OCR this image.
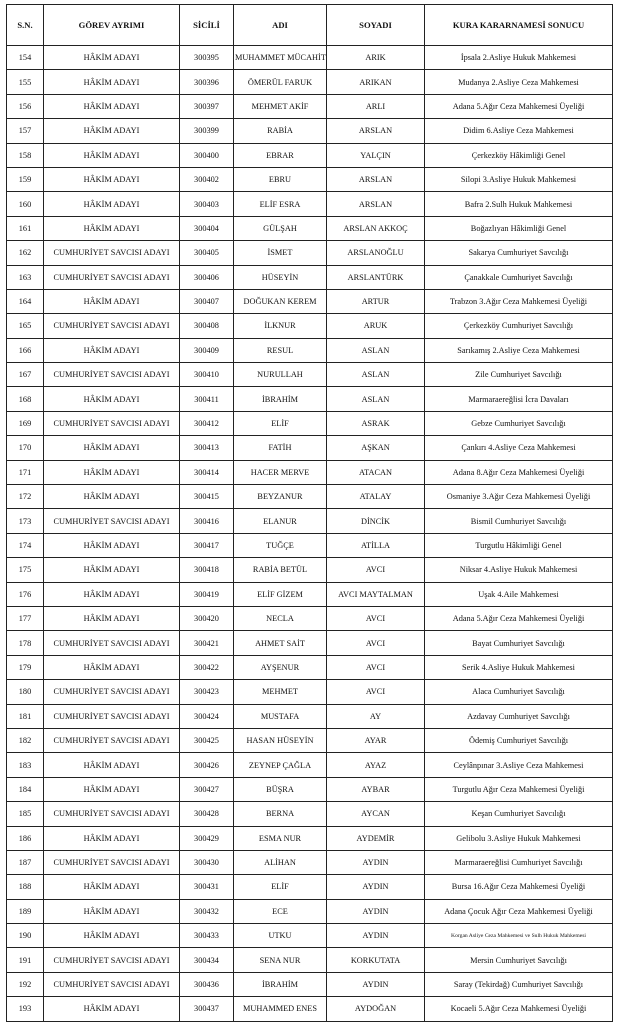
S.N.	GÖREV AYRIMI	SİCİLİ	ADI	SOYADI	KURA KARARNAMESİ SONUCU
154	HÂKİM ADAYI	300395	MUHAMMET MÜCAHİT	ARIK	İpsala 2.Asliye Hukuk Mahkemesi
155	HÂKİM ADAYI	300396	ÖMERÜL FARUK	ARIKAN	Mudanya 2.Asliye Ceza Mahkemesi
156	HÂKİM ADAYI	300397	MEHMET AKİF	ARLI	Adana 5.Ağır Ceza Mahkemesi Üyeliği
157	HÂKİM ADAYI	300399	RABİA	ARSLAN	Didim 6.Asliye Ceza Mahkemesi
158	HÂKİM ADAYI	300400	EBRAR	YALÇIN	Çerkezköy Hâkimliği Genel
159	HÂKİM ADAYI	300402	EBRU	ARSLAN	Silopi 3.Asliye Hukuk Mahkemesi
160	HÂKİM ADAYI	300403	ELİF ESRA	ARSLAN	Bafra 2.Sulh Hukuk Mahkemesi
161	HÂKİM ADAYI	300404	GÜLŞAH	ARSLAN AKKOÇ	Boğazlıyan Hâkimliği Genel
162	CUMHURİYET SAVCISI ADAYI	300405	İSMET	ARSLANOĞLU	Sakarya Cumhuriyet Savcılığı
163	CUMHURİYET SAVCISI ADAYI	300406	HÜSEYİN	ARSLANTÜRK	Çanakkale Cumhuriyet Savcılığı
164	HÂKİM ADAYI	300407	DOĞUKAN KEREM	ARTUR	Trabzon 3.Ağır Ceza Mahkemesi Üyeliği
165	CUMHURİYET SAVCISI ADAYI	300408	İLKNUR	ARUK	Çerkezköy Cumhuriyet Savcılığı
166	HÂKİM ADAYI	300409	RESUL	ASLAN	Sarıkamış 2.Asliye Ceza Mahkemesi
167	CUMHURİYET SAVCISI ADAYI	300410	NURULLAH	ASLAN	Zile Cumhuriyet Savcılığı
168	HÂKİM ADAYI	300411	İBRAHİM	ASLAN	Marmaraereğlisi İcra Davaları
169	CUMHURİYET SAVCISI ADAYI	300412	ELİF	ASRAK	Gebze Cumhuriyet Savcılığı
170	HÂKİM ADAYI	300413	FATİH	AŞKAN	Çankırı 4.Asliye Ceza Mahkemesi
171	HÂKİM ADAYI	300414	HACER MERVE	ATACAN	Adana 8.Ağır Ceza Mahkemesi Üyeliği
172	HÂKİM ADAYI	300415	BEYZANUR	ATALAY	Osmaniye 3.Ağır Ceza Mahkemesi Üyeliği
173	CUMHURİYET SAVCISI ADAYI	300416	ELANUR	DİNCİK	Bismil Cumhuriyet Savcılığı
174	HÂKİM ADAYI	300417	TUĞÇE	ATİLLA	Turgutlu Hâkimliği Genel
175	HÂKİM ADAYI	300418	RABİA BETÜL	AVCI	Niksar 4.Asliye Hukuk Mahkemesi
176	HÂKİM ADAYI	300419	ELİF GİZEM	AVCI MAYTALMAN	Uşak 4.Aile Mahkemesi
177	HÂKİM ADAYI	300420	NECLA	AVCI	Adana 5.Ağır Ceza Mahkemesi Üyeliği
178	CUMHURİYET SAVCISI ADAYI	300421	AHMET SAİT	AVCI	Bayat Cumhuriyet Savcılığı
179	HÂKİM ADAYI	300422	AYŞENUR	AVCI	Serik 4.Asliye Hukuk Mahkemesi
180	CUMHURİYET SAVCISI ADAYI	300423	MEHMET	AVCI	Alaca Cumhuriyet Savcılığı
181	CUMHURİYET SAVCISI ADAYI	300424	MUSTAFA	AY	Azdavay Cumhuriyet Savcılığı
182	CUMHURİYET SAVCISI ADAYI	300425	HASAN HÜSEYİN	AYAR	Ödemiş Cumhuriyet Savcılığı
183	HÂKİM ADAYI	300426	ZEYNEP ÇAĞLA	AYAZ	Ceylânpınar 3.Asliye Ceza Mahkemesi
184	HÂKİM ADAYI	300427	BÜŞRA	AYBAR	Turgutlu Ağır Ceza Mahkemesi Üyeliği
185	CUMHURİYET SAVCISI ADAYI	300428	BERNA	AYCAN	Keşan Cumhuriyet Savcılığı
186	HÂKİM ADAYI	300429	ESMA NUR	AYDEMİR	Gelibolu 3.Asliye Hukuk Mahkemesi
187	CUMHURİYET SAVCISI ADAYI	300430	ALİHAN	AYDIN	Marmaraereğlisi Cumhuriyet Savcılığı
188	HÂKİM ADAYI	300431	ELİF	AYDIN	Bursa 16.Ağır Ceza Mahkemesi Üyeliği
189	HÂKİM ADAYI	300432	ECE	AYDIN	Adana Çocuk Ağır Ceza Mahkemesi Üyeliği
190	HÂKİM ADAYI	300433	UTKU	AYDIN	Korgan Asliye Ceza Mahkemesi ve Sulh Hukuk Mahkemesi
191	CUMHURİYET SAVCISI ADAYI	300434	SENA NUR	KORKUTATA	Mersin Cumhuriyet Savcılığı
192	CUMHURİYET SAVCISI ADAYI	300436	İBRAHİM	AYDIN	Saray (Tekirdağ) Cumhuriyet Savcılığı
193	HÂKİM ADAYI	300437	MUHAMMED ENES	AYDOĞAN	Kocaeli 5.Ağır Ceza Mahkemesi Üyeliği
